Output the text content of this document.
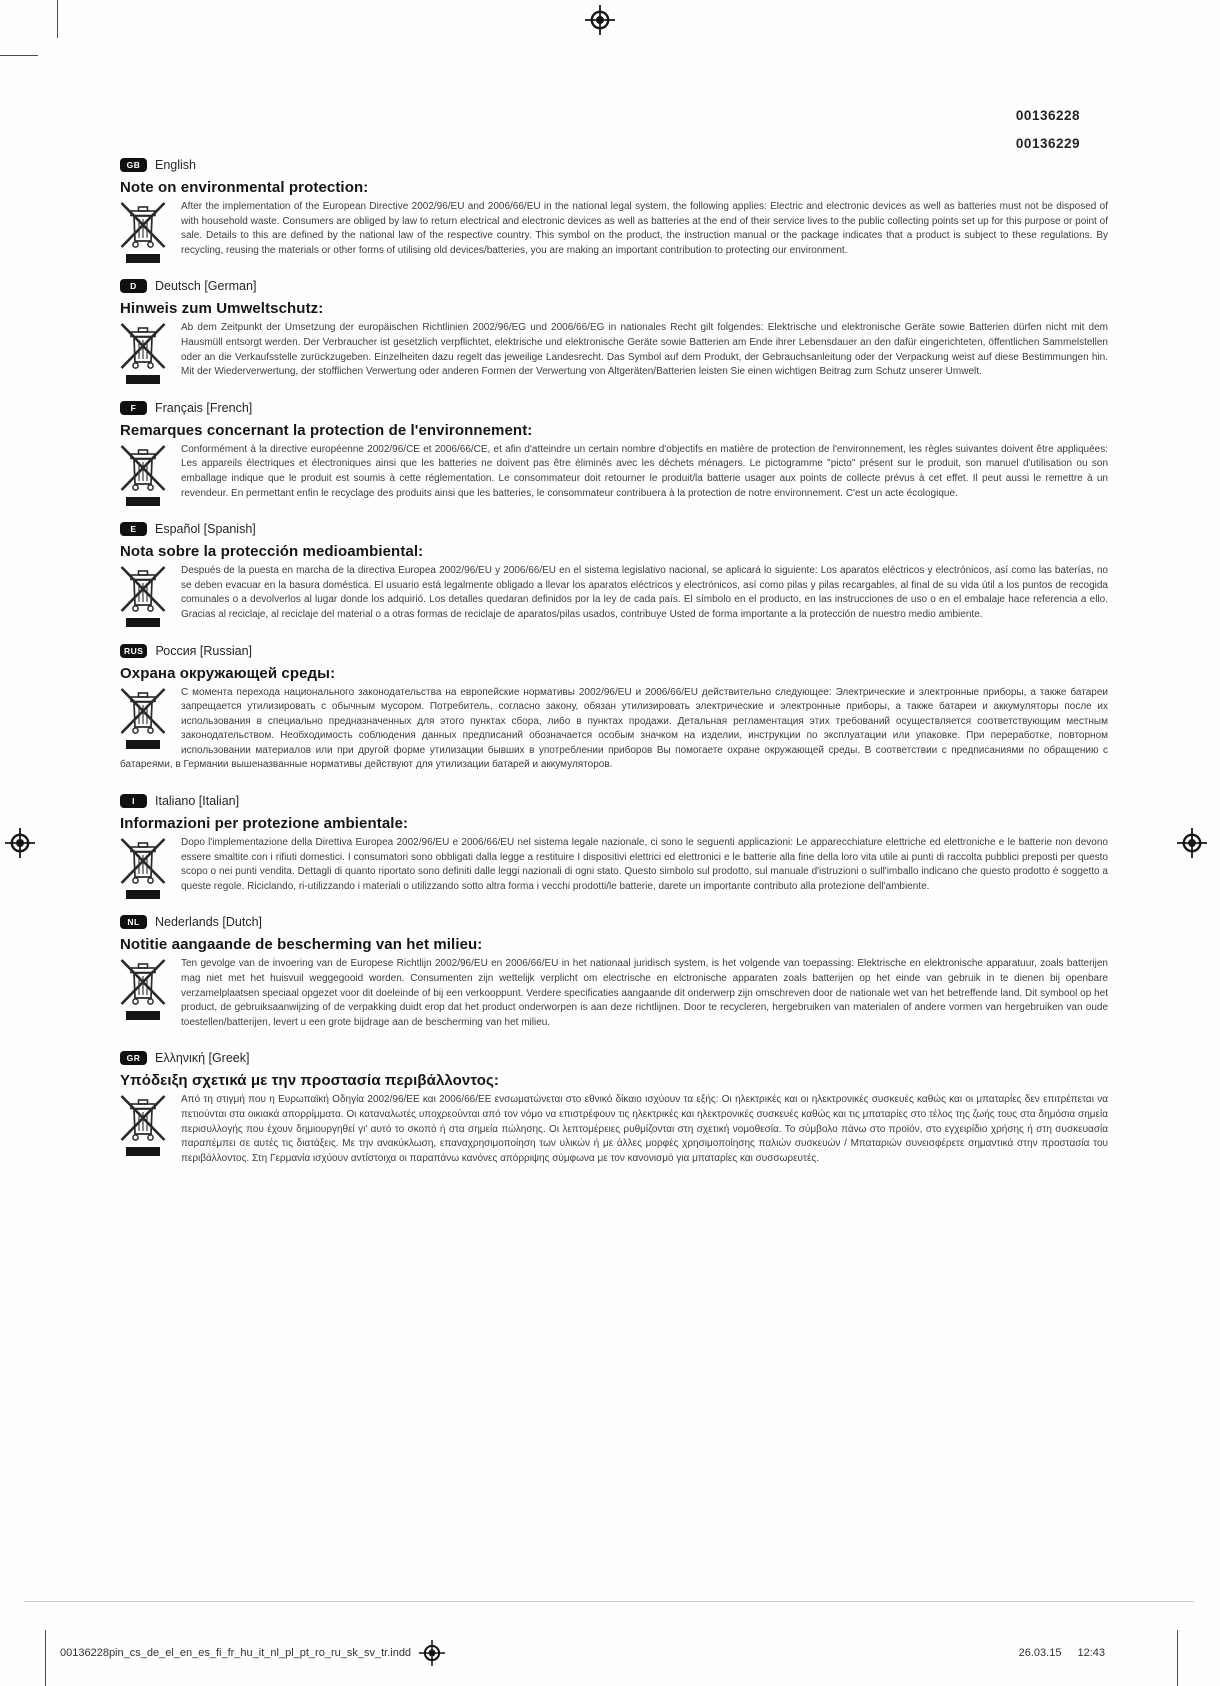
00136228
00136229
GB English
Note on environmental protection:

After the implementation of the European Directive 2002/96/EU and 2006/66/EU in the national legal system, the following applies: Electric and electronic devices as well as batteries must not be disposed of with household waste. Consumers are obliged by law to return electrical and electronic devices as well as batteries at the end of their service lives to the public collecting points set up for this purpose or point of sale. Details to this are defined by the national law of the respective country. This symbol on the product, the instruction manual or the package indicates that a product is subject to these regulations. By recycling, reusing the materials or other forms of utilising old devices/batteries, you are making an important contribution to protecting our environment.

D Deutsch [German]
Hinweis zum Umweltschutz:

Ab dem Zeitpunkt der Umsetzung der europäischen Richtlinien 2002/96/EG und 2006/66/EG in nationales Recht gilt folgendes: Elektrische und elektronische Geräte sowie Batterien dürfen nicht mit dem Hausmüll entsorgt werden. Der Verbraucher ist gesetzlich verpflichtet, elektrische und elektronische Geräte sowie Batterien am Ende ihrer Lebensdauer an den dafür eingerichteten, öffentlichen Sammelstellen oder an die Verkaufsstelle zurückzugeben. Einzelheiten dazu regelt das jeweilige Landesrecht. Das Symbol auf dem Produkt, der Gebrauchsanleitung oder der Verpackung weist auf diese Bestimmungen hin. Mit der Wiederverwertung, der stofflichen Verwertung oder anderen Formen der Verwertung von Altgeräten/Batterien leisten Sie einen wichtigen Beitrag zum Schutz unserer Umwelt.

F Français [French]
Remarques concernant la protection de l'environnement:

Conformément à la directive européenne 2002/96/CE et 2006/66/CE, et afin d'atteindre un certain nombre d'objectifs en matière de protection de l'environnement, les règles suivantes doivent être appliquées: Les appareils électriques et électroniques ainsi que les batteries ne doivent pas être éliminés avec les déchets ménagers. Le pictogramme "picto" présent sur le produit, son manuel d'utilisation ou son emballage indique que le produit est soumis à cette réglementation. Le consommateur doit retourner le produit/la batterie usager aux points de collecte prévus à cet effet. Il peut aussi le remettre à un revendeur. En permettant enfin le recyclage des produits ainsi que les batteries, le consommateur contribuera à la protection de notre environnement. C'est un acte écologique.

E Español [Spanish]
Nota sobre la protección medioambiental:

Después de la puesta en marcha de la directiva Europea 2002/96/EU y 2006/66/EU en el sistema legislativo nacional, se aplicará lo siguiente: Los aparatos eléctricos y electrónicos, así como las baterías, no se deben evacuar en la basura doméstica. El usuario está legalmente obligado a llevar los aparatos eléctricos y electrónicos, así como pilas y pilas recargables, al final de su vida útil a los puntos de recogida comunales o a devolverlos al lugar donde los adquirió. Los detalles quedaran definidos por la ley de cada país. El símbolo en el producto, en las instrucciones de uso o en el embalaje hace referencia a ello. Gracias al reciclaje, al reciclaje del material o a otras formas de reciclaje de aparatos/pilas usados, contribuye Usted de forma importante a la protección de nuestro medio ambiente.

RUS Россия [Russian]
Охрана окружающей среды:

С момента перехода национального законодательства на европейские нормативы 2002/96/EU и 2006/66/EU действительно следующее: Электрические и электронные приборы, а также батареи запрещается утилизировать с обычным мусором. Потребитель, согласно закону, обязан утилизировать электрические и электронные приборы, а также батареи и аккумуляторы после их использования в специально предназначенных для этого пунктах сбора, либо в пунктах продажи. Детальная регламентация этих требований осуществляется соответствующим местным законодательством. Необходимость соблюдения данных предписаний обозначается особым значком на изделии, инструкции по эксплуатации или упаковке. При переработке, повторном использовании материалов или при другой форме утилизации бывших в употреблении приборов Вы помогаете охране окружающей среды. В соответствии с предписаниями по обращению с батареями, в Германии вышеназванные нормативы действуют для утилизации батарей и аккумуляторов.

I Italiano [Italian]
Informazioni per protezione ambientale:

Dopo l'implementazione della Direttiva Europea 2002/96/EU e 2006/66/EU nel sistema legale nazionale, ci sono le seguenti applicazioni: Le apparecchiature elettriche ed elettroniche e le batterie non devono essere smaltite con i rifiuti domestici. I consumatori sono obbligati dalla legge a restituire I dispositivi elettrici ed elettronici e le batterie alla fine della loro vita utile ai punti di raccolta pubblici preposti per questo scopo o nei punti vendita. Dettagli di quanto riportato sono definiti dalle leggi nazionali di ogni stato. Questo simbolo sul prodotto, sul manuale d'istruzioni o sull'imballo indicano che questo prodotto è soggetto a queste regole. Riciclando, ri-utilizzando i materiali o utilizzando sotto altra forma i vecchi prodotti/le batterie, darete un importante contributo alla protezione dell'ambiente.

NL Nederlands [Dutch]
Notitie aangaande de bescherming van het milieu:

Ten gevolge van de invoering van de Europese Richtlijn 2002/96/EU en 2006/66/EU in het nationaal juridisch system, is het volgende van toepassing: Elektrische en elektronische apparatuur, zoals batterijen mag niet met het huisvuil weggegooid worden. Consumenten zijn wettelijk verplicht om electrische en elctronische apparaten zoals batterijen op het einde van gebruik in te dienen bij openbare verzamelplaatsen speciaal opgezet voor dit doeleinde of bij een verkooppunt. Verdere specificaties aangaande dit onderwerp zijn omschreven door de nationale wet van het betreffende land. Dit symbool op het product, de gebruiksaanwijzing of de verpakking duidt erop dat het product onderworpen is aan deze richtlijnen. Door te recycleren, hergebruiken van materialen of andere vormen van hergebruiken van oude toestellen/batterijen, levert u een grote bijdrage aan de bescherming van het milieu.

GR Ελληνική [Greek]
Υπόδειξη σχετικά με την προστασία περιβάλλοντος:

Από τη στιγμή που η Ευρωπαϊκή Οδηγία 2002/96/EΕ και 2006/66/EE ενσωματώνεται στο εθνικό δίκαιο ισχύουν τα εξής: Οι ηλεκτρικές και οι ηλεκτρονικές συσκευές καθώς και οι μπαταρίες δεν επιτρέπεται να πετιούνται στα οικιακά απορρίμματα. Οι καταναλωτές υποχρεούνται από τον νόμο να επιστρέφουν τις ηλεκτρικές και ηλεκτρονικές συσκευές καθώς και τις μπαταρίες στο τέλος της ζωής τους στα δημόσια σημεία περισυλλογής που έχουν δημιουργηθεί γι' αυτό το σκοπό ή στα σημεία πώλησης. Οι λεπτομέρειες ρυθμίζονται στη σχετική νομοθεσία. Το σύμβολο πάνω στο προϊόν, στο εγχειρίδιο χρήσης ή στη συσκευασία παραπέμπει σε αυτές τις διατάξεις. Με την ανακύκλωση, επαναχρησιμοποίηση των υλικών ή με άλλες μορφές χρησιμοποίησης παλιών συσκευών / Μπαταριών συνεισφέρετε σημαντικά στην προστασία του περιβάλλοντος. Στη Γερμανία ισχύουν αντίστοιχα οι παραπάνω κανόνες απόρριψης σύμφωνα με τον κανονισμό για μπαταρίες και συσσωρευτές.

00136228pin_cs_de_el_en_es_fi_fr_hu_it_nl_pl_pt_ro_ru_sk_sv_tr.indd	26.03.15 12:43
